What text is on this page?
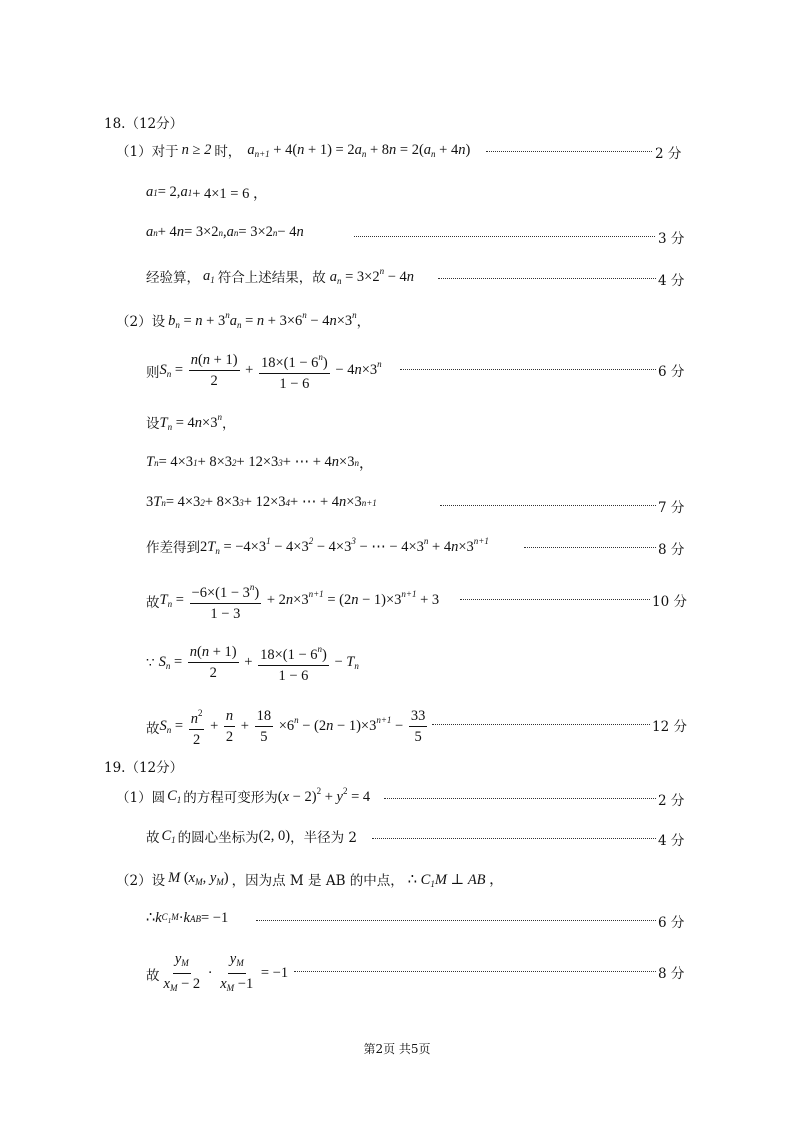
18.（12分）
（1）对于 n ≥ 2 时， $a_{n+1} + 4(n + 1) = 2a_n + 8n = 2(a_n + 4n)$	2 分
a 1 = 2, a 1 + 4×1 = 6 ，
a n + 4 n = 3×2 n , a n = 3×2 n − 4 n	3 分
经验算， $a_1$ 符合上述结果，故 $a_n = 3\times 2^n - 4n$	4 分
（2）设 $b_n = n + 3^na_n = n + 3\times 6^n - 4n\times 3^n$ ，
则 $S_n = \frac{n(n + 1)}{2} + \frac{18\times(1 - 6^n)}{1 - 6} - 4n\times 3^n$
6 分
设 $T_n = 4n\times 3^n$ ，
T n = 4×3 1 + 8×3 2 + 12×3 3 + ⋯ + 4 n ×3 n ，
3 T n = 4×3 2 + 8×3 3 + 12×3 4 + ⋯ + 4 n ×3 n+1	7 分
作差得到 $2T_n = -4\times 3^1 - 4\times 3^2 - 4\times 3^3$ − ⋯ − $4\times 3^n + 4n\times 3^{n+1}$
8 分
故 $T_n = \frac{-6\times(1 - 3^n)}{1 - 3} + 2n\times 3^{n+1} = (2n - 1)\times 3^{n+1} + 3$	10 分
∵ $S_n = \frac{n(n + 1)}{2} + \frac{18\times(1 - 6^n)}{1 - 6} - T_n$
故 $S_n = \frac{n^2}{2} + \frac{n}{2} + \frac{18}{5} \times 6^n - (2n - 1)\times 3^{n+1} - \frac{33}{5}$	12 分
19.（12分）
（1）圆 $C_1$ 的方程可变形为 $(x - 2)^2 + y^2 = 4$	2 分
故 $C_1$ 的圆心坐标为 (2, 0) ，半径为 2	4 分
（2）设 M ($x_M$, $y_M$) ，因为点 M 是 AB 的中点， ∴ $C_1M$ ⊥ AB ，
∴ k $C_1M \cdot k$ AB = −1	6 分
故 $\frac{y_M}{x_M - 2} \cdot \frac{y_M}{x_M -1} = -1$	8 分
第2页 共5页
